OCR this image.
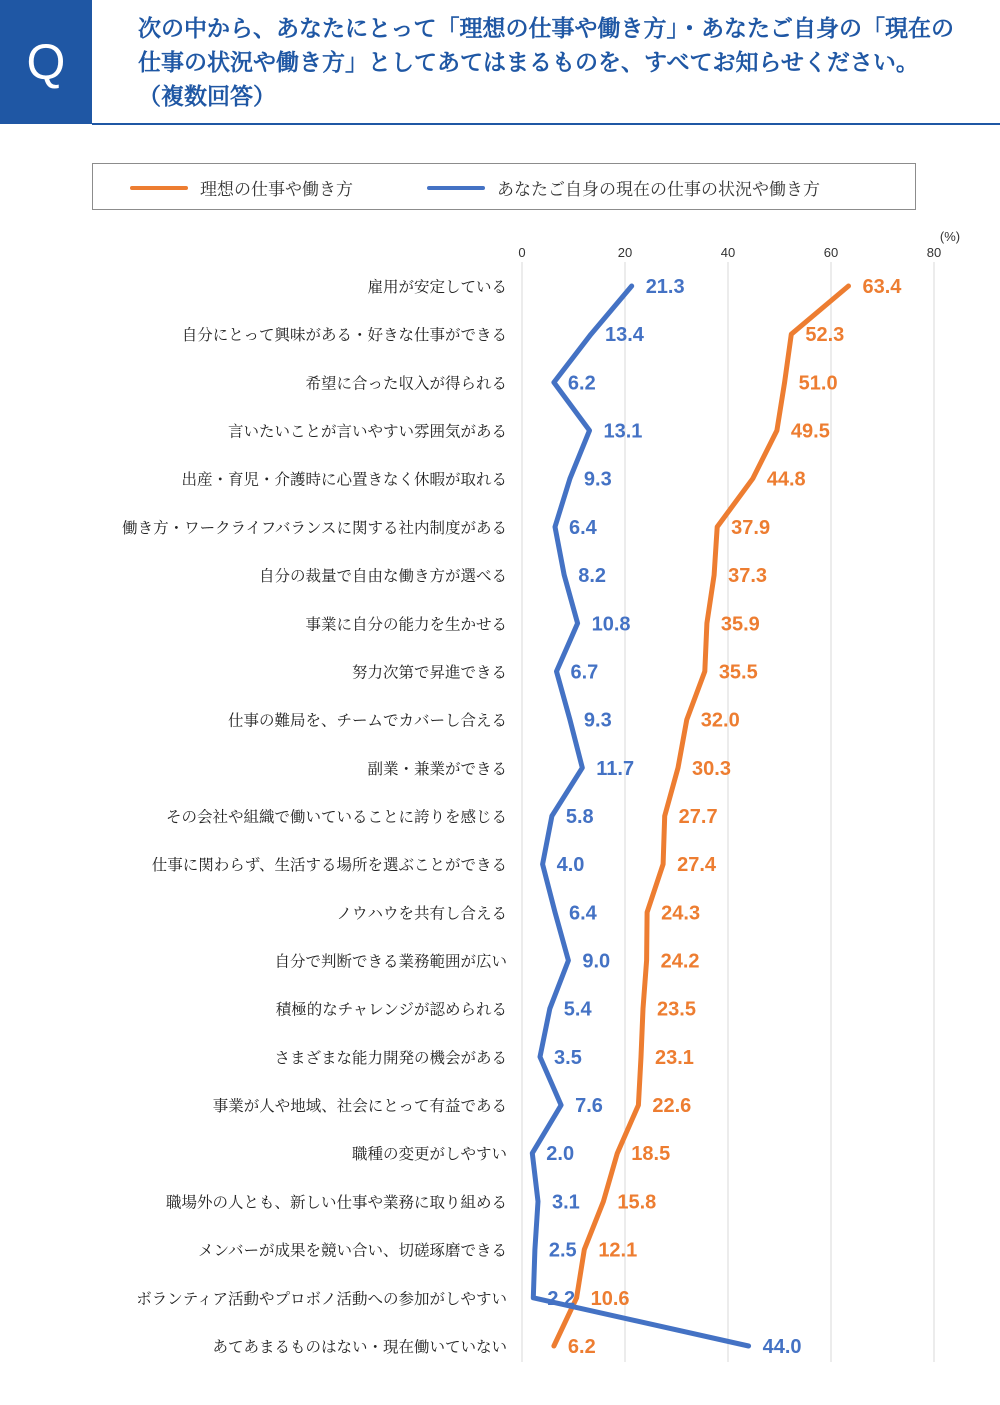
Q
次の中から、あなたにとって「理想の仕事や働き方」・あなたご自身の「現在の
仕事の状況や働き方」としてあてはまるものを、すべてお知らせください。
（複数回答）
理想の仕事や働き方	あなたご自身の現在の仕事の状況や働き方
0	20	40	60	80
(%)
雇用が安定している
自分にとって興味がある・好きな仕事ができる
希望に合った収入が得られる
言いたいことが言いやすい雰囲気がある
出産・育児・介護時に心置きなく休暇が取れる
働き方・ワークライフバランスに関する社内制度がある
自分の裁量で自由な働き方が選べる
事業に自分の能力を生かせる
努力次第で昇進できる
仕事の難局を、チームでカバーし合える
副業・兼業ができる
その会社や組織で働いていることに誇りを感じる
仕事に関わらず、生活する場所を選ぶことができる
ノウハウを共有し合える
自分で判断できる業務範囲が広い
積極的なチャレンジが認められる
さまざまな能力開発の機会がある
事業が人や地域、社会にとって有益である
職種の変更がしやすい
職場外の人とも、新しい仕事や業務に取り組める
メンバーが成果を競い合い、切磋琢磨できる
ボランティア活動やプロボノ活動への参加がしやすい
あてあまるものはない・現在働いていない
63.4
52.3
51.0
49.5
44.8
37.9
37.3
35.9
35.5
32.0
30.3
27.7
27.4
24.3
24.2
23.5
23.1
22.6
18.5
15.8
12.1
10.6
6.2
21.3
13.4
6.2
13.1
9.3
6.4
8.2
10.8
6.7
9.3
11.7
5.8
4.0
6.4
9.0
5.4
3.5
7.6
2.0
3.1
2.5
2.2
44.0
